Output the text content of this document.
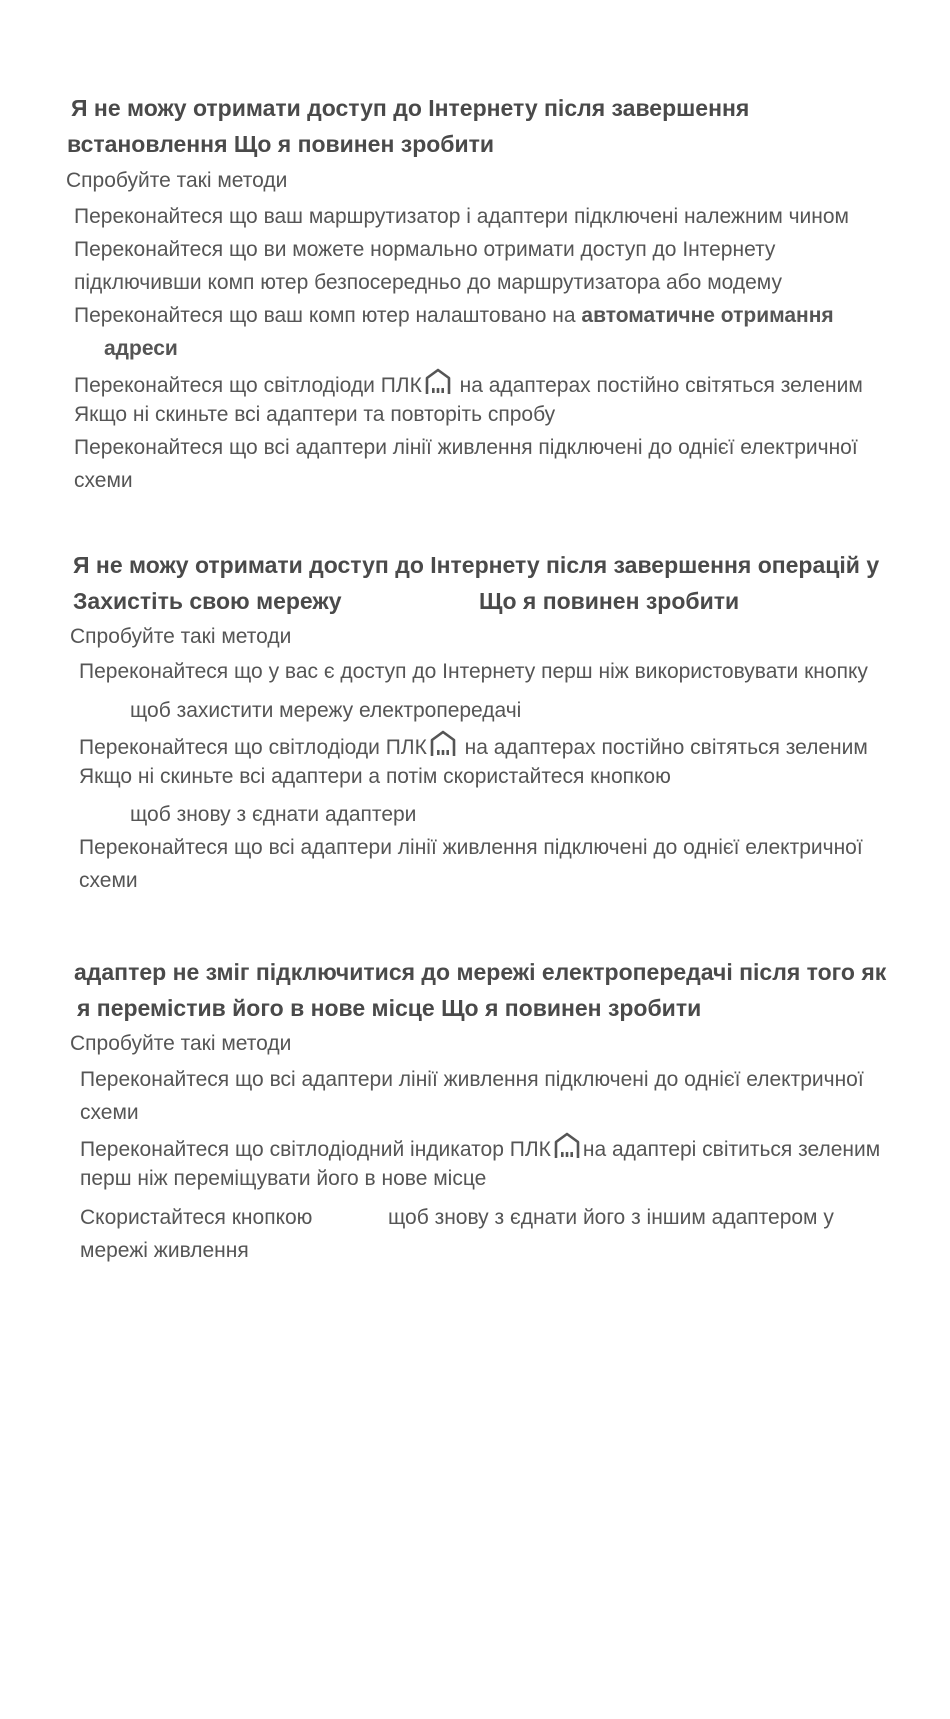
Я не можу отримати доступ до Інтернету після завершення
встановлення Що я повинен зробити
Спробуйте такі методи
Переконайтеся що ваш маршрутизатор і адаптери підключені належним чином
Переконайтеся що ви можете нормально отримати доступ до Інтернету
підключивши комп ютер безпосередньо до маршрутизатора або модему
Переконайтеся що ваш комп ютер налаштовано на автоматичне отримання
адреси
Переконайтеся що світлодіоди ПЛК на адаптерах постійно світяться зеленим
Якщо ні скиньте всі адаптери та повторіть спробу
Переконайтеся що всі адаптери лінії живлення підключені до однієї електричної
схеми
Я не можу отримати доступ до Інтернету після завершення операцій у
Захистіть свою мережу	Що я повинен зробити
Спробуйте такі методи
Переконайтеся що у вас є доступ до Інтернету перш ніж використовувати кнопку
щоб захистити мережу електропередачі
Переконайтеся що світлодіоди ПЛК на адаптерах постійно світяться зеленим
Якщо ні скиньте всі адаптери а потім скористайтеся кнопкою
щоб знову з єднати адаптери
Переконайтеся що всі адаптери лінії живлення підключені до однієї електричної
схеми
адаптер не зміг підключитися до мережі електропередачі після того як
я перемістив його в нове місце Що я повинен зробити
Спробуйте такі методи
Переконайтеся що всі адаптери лінії живлення підключені до однієї електричної
схеми
Переконайтеся що світлодіодний індикатор ПЛК на адаптері світиться зеленим
перш ніж переміщувати його в нове місце
Скористайтеся кнопкою	щоб знову з єднати його з іншим адаптером у
мережі живлення
